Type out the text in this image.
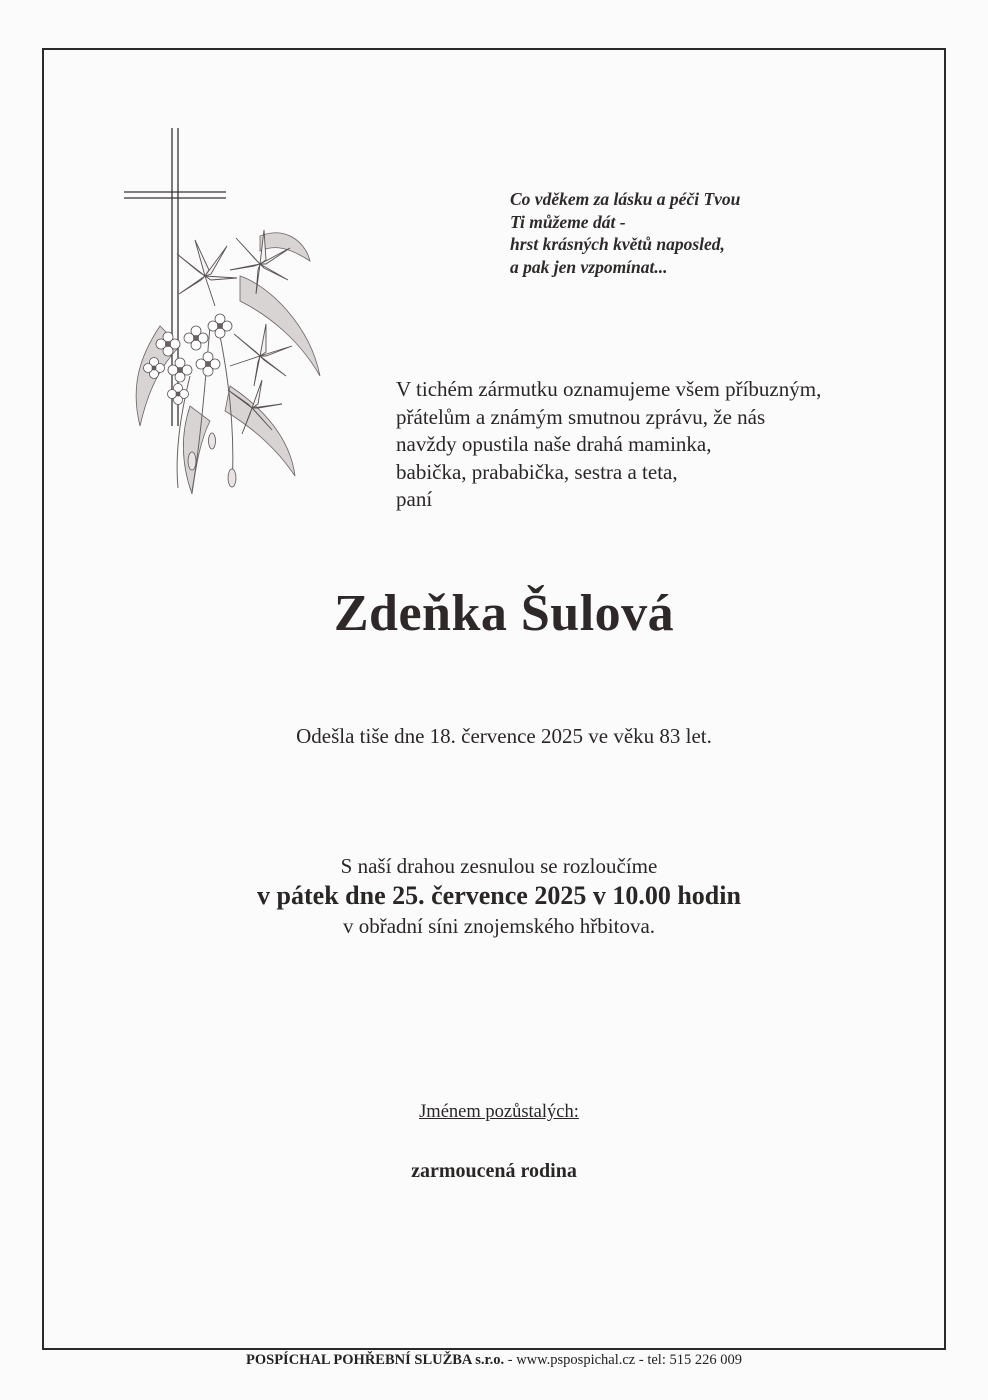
Co vděkem za lásku a péči Tvou
Ti můžeme dát -
hrst krásných květů naposled,
a pak jen vzpomínat...
V tichém zármutku oznamujeme všem příbuzným,
přátelům a známým smutnou zprávu, že nás
navždy opustila naše drahá maminka,
babička, prababička, sestra a teta,
paní
Zdeňka Šulová
Odešla tiše dne 18. července 2025 ve věku 83 let.
S naší drahou zesnulou se rozloučíme
v pátek dne 25. července 2025 v 10.00 hodin
v obřadní síni znojemského hřbitova.
Jménem pozůstalých:
zarmoucená rodina
POSPÍCHAL POHŘEBNÍ SLUŽBA s.r.o. - www.pspospichal.cz - tel: 515 226 009
